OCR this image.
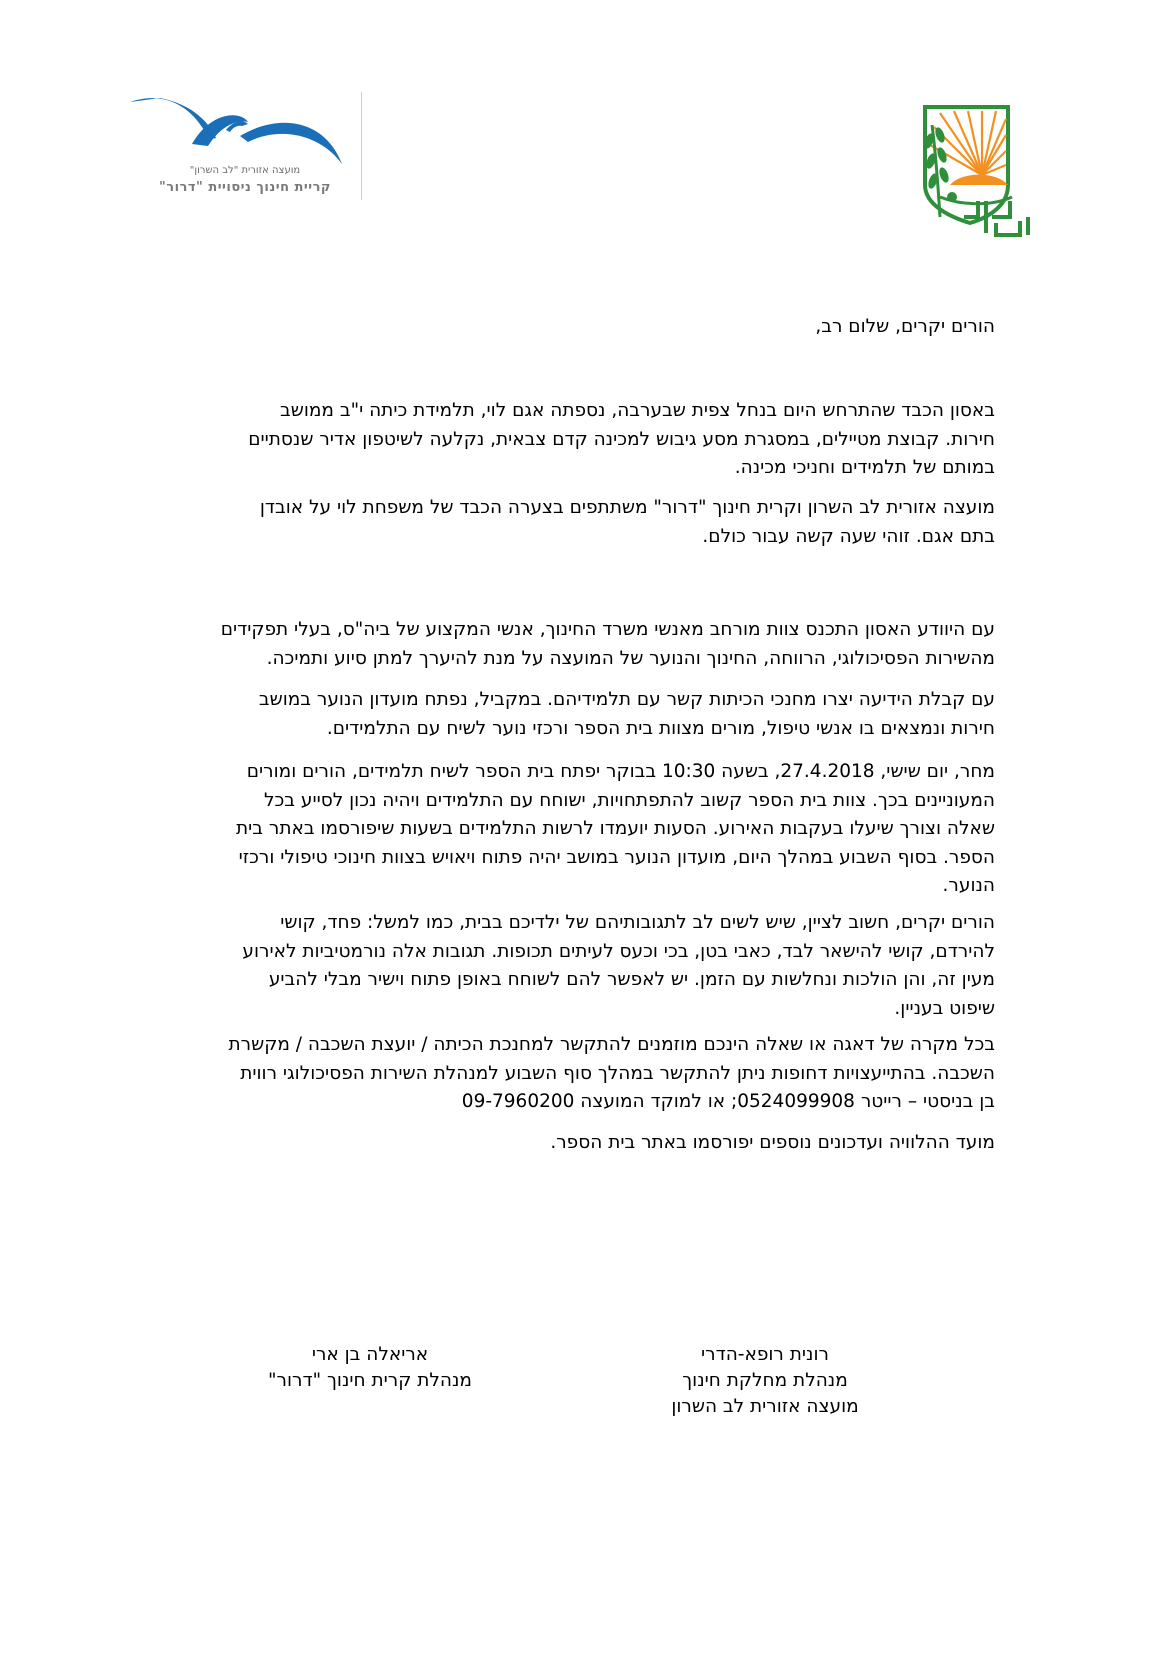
מועצה אזורית "לב השרון"
קריית חינוך ניסויית "דרור"
הורים יקרים, שלום רב,
באסון הכבד שהתרחש היום בנחל צפית שבערבה, נספתה אגם לוי, תלמידת כיתה י"ב ממושב
חירות. קבוצת מטיילים, במסגרת מסע גיבוש למכינה קדם צבאית, נקלעה לשיטפון אדיר שנסתיים
במותם של תלמידים וחניכי מכינה.
מועצה אזורית לב השרון וקרית חינוך "דרור" משתתפים בצערה הכבד של משפחת לוי על אובדן
בתם אגם. זוהי שעה קשה עבור כולם.
עם היוודע האסון התכנס צוות מורחב מאנשי משרד החינוך, אנשי המקצוע של ביה"ס, בעלי תפקידים
מהשירות הפסיכולוגי, הרווחה, החינוך והנוער של המועצה על מנת להיערך למתן סיוע ותמיכה.
עם קבלת הידיעה יצרו מחנכי הכיתות קשר עם תלמידיהם. במקביל, נפתח מועדון הנוער במושב
חירות ונמצאים בו אנשי טיפול, מורים מצוות בית הספר ורכזי נוער לשיח עם התלמידים.
מחר, יום שישי, 27.4.2018, בשעה 10:30 בבוקר יפתח בית הספר לשיח תלמידים, הורים ומורים
המעוניינים בכך. צוות בית הספר קשוב להתפתחויות, ישוחח עם התלמידים ויהיה נכון לסייע בכל
שאלה וצורך שיעלו בעקבות האירוע. הסעות יועמדו לרשות התלמידים בשעות שיפורסמו באתר בית
הספר. בסוף השבוע במהלך היום, מועדון הנוער במושב יהיה פתוח ויאויש בצוות חינוכי טיפולי ורכזי
הנוער.
הורים יקרים, חשוב לציין, שיש לשים לב לתגובותיהם של ילדיכם בבית, כמו למשל: פחד, קושי
להירדם, קושי להישאר לבד, כאבי בטן, בכי וכעס לעיתים תכופות. תגובות אלה נורמטיביות לאירוע
מעין זה, והן הולכות ונחלשות עם הזמן. יש לאפשר להם לשוחח באופן פתוח וישיר מבלי להביע
שיפוט בעניין.
בכל מקרה של דאגה או שאלה הינכם מוזמנים להתקשר למחנכת הכיתה / יועצת השכבה / מקשרת
השכבה. בהתייעצויות דחופות ניתן להתקשר במהלך סוף השבוע למנהלת השירות הפסיכולוגי רווית
בן בניסטי – רייטר 0524099908; או למוקד המועצה 09-7960200
מועד ההלוויה ועדכונים נוספים יפורסמו באתר בית הספר.
רונית רופא-הדרי
מנהלת מחלקת חינוך
מועצה אזורית לב השרון
אריאלה בן ארי
מנהלת קרית חינוך "דרור"
